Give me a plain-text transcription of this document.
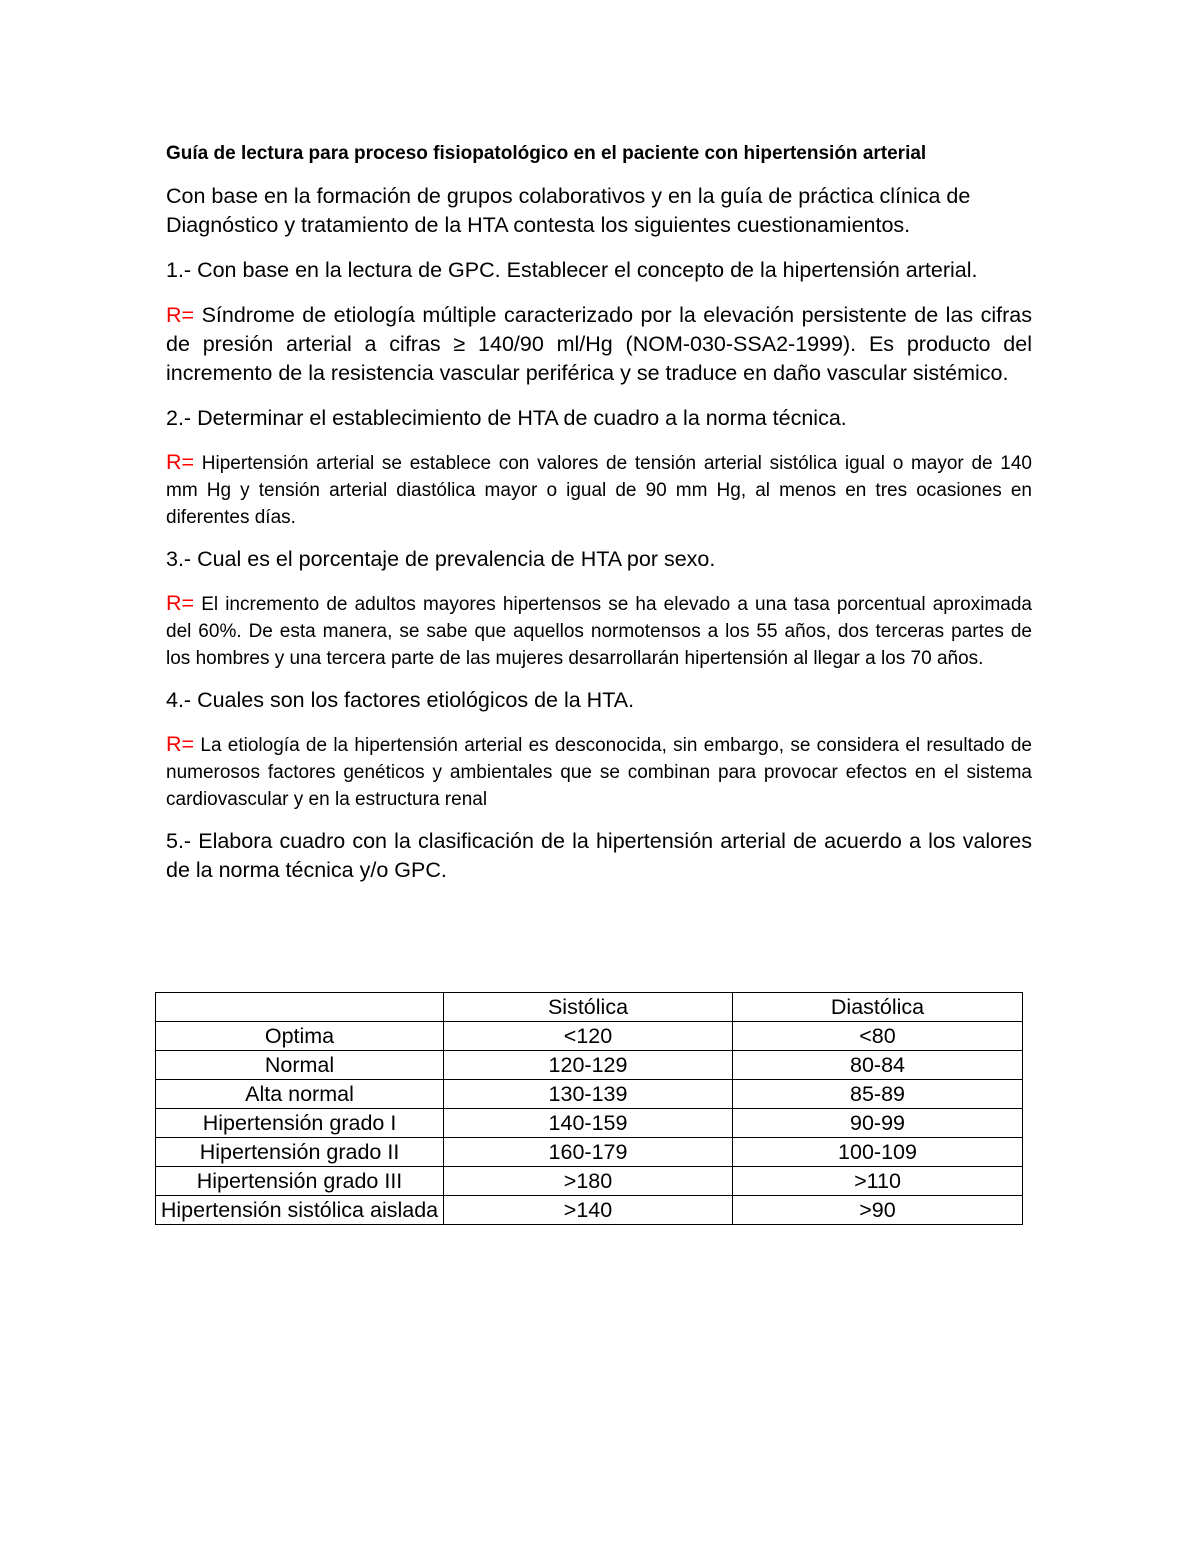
Guía de lectura para proceso fisiopatológico en el paciente con hipertensión arterial
Con base en la formación de grupos colaborativos y en la guía de práctica clínica de Diagnóstico y tratamiento de la HTA contesta los siguientes cuestionamientos.
1.- Con base en la lectura de GPC. Establecer el concepto de la hipertensión arterial.
R= Síndrome de etiología múltiple caracterizado por la elevación persistente de las cifras de presión arterial a cifras ≥ 140/90 ml/Hg (NOM-030-SSA2-1999). Es producto del incremento de la resistencia vascular periférica y se traduce en daño vascular sistémico.
2.- Determinar el establecimiento de HTA de cuadro a la norma técnica.
R= Hipertensión arterial se establece con valores de tensión arterial sistólica igual o mayor de 140 mm Hg y tensión arterial diastólica mayor o igual de 90 mm Hg, al menos en tres ocasiones en diferentes días.
3.- Cual es el porcentaje de prevalencia de HTA por sexo.
R= El incremento de adultos mayores hipertensos se ha elevado a una tasa porcentual aproximada del 60%. De esta manera, se sabe que aquellos normotensos a los 55 años, dos terceras partes de los hombres y una tercera parte de las mujeres desarrollarán hipertensión al llegar a los 70 años.
4.- Cuales son los factores etiológicos de la HTA.
R= La etiología de la hipertensión arterial es desconocida, sin embargo, se considera el resultado de numerosos factores genéticos y ambientales que se combinan para provocar efectos en el sistema cardiovascular y en la estructura renal
5.- Elabora cuadro con la clasificación de la hipertensión arterial de acuerdo a los valores de la norma técnica y/o GPC.
	Sistólica	Diastólica
Optima	<120	<80
Normal	120-129	80-84
Alta normal	130-139	85-89
Hipertensión grado I	140-159	90-99
Hipertensión grado II	160-179	100-109
Hipertensión grado III	>180	>110
Hipertensión sistólica aislada	>140	>90
